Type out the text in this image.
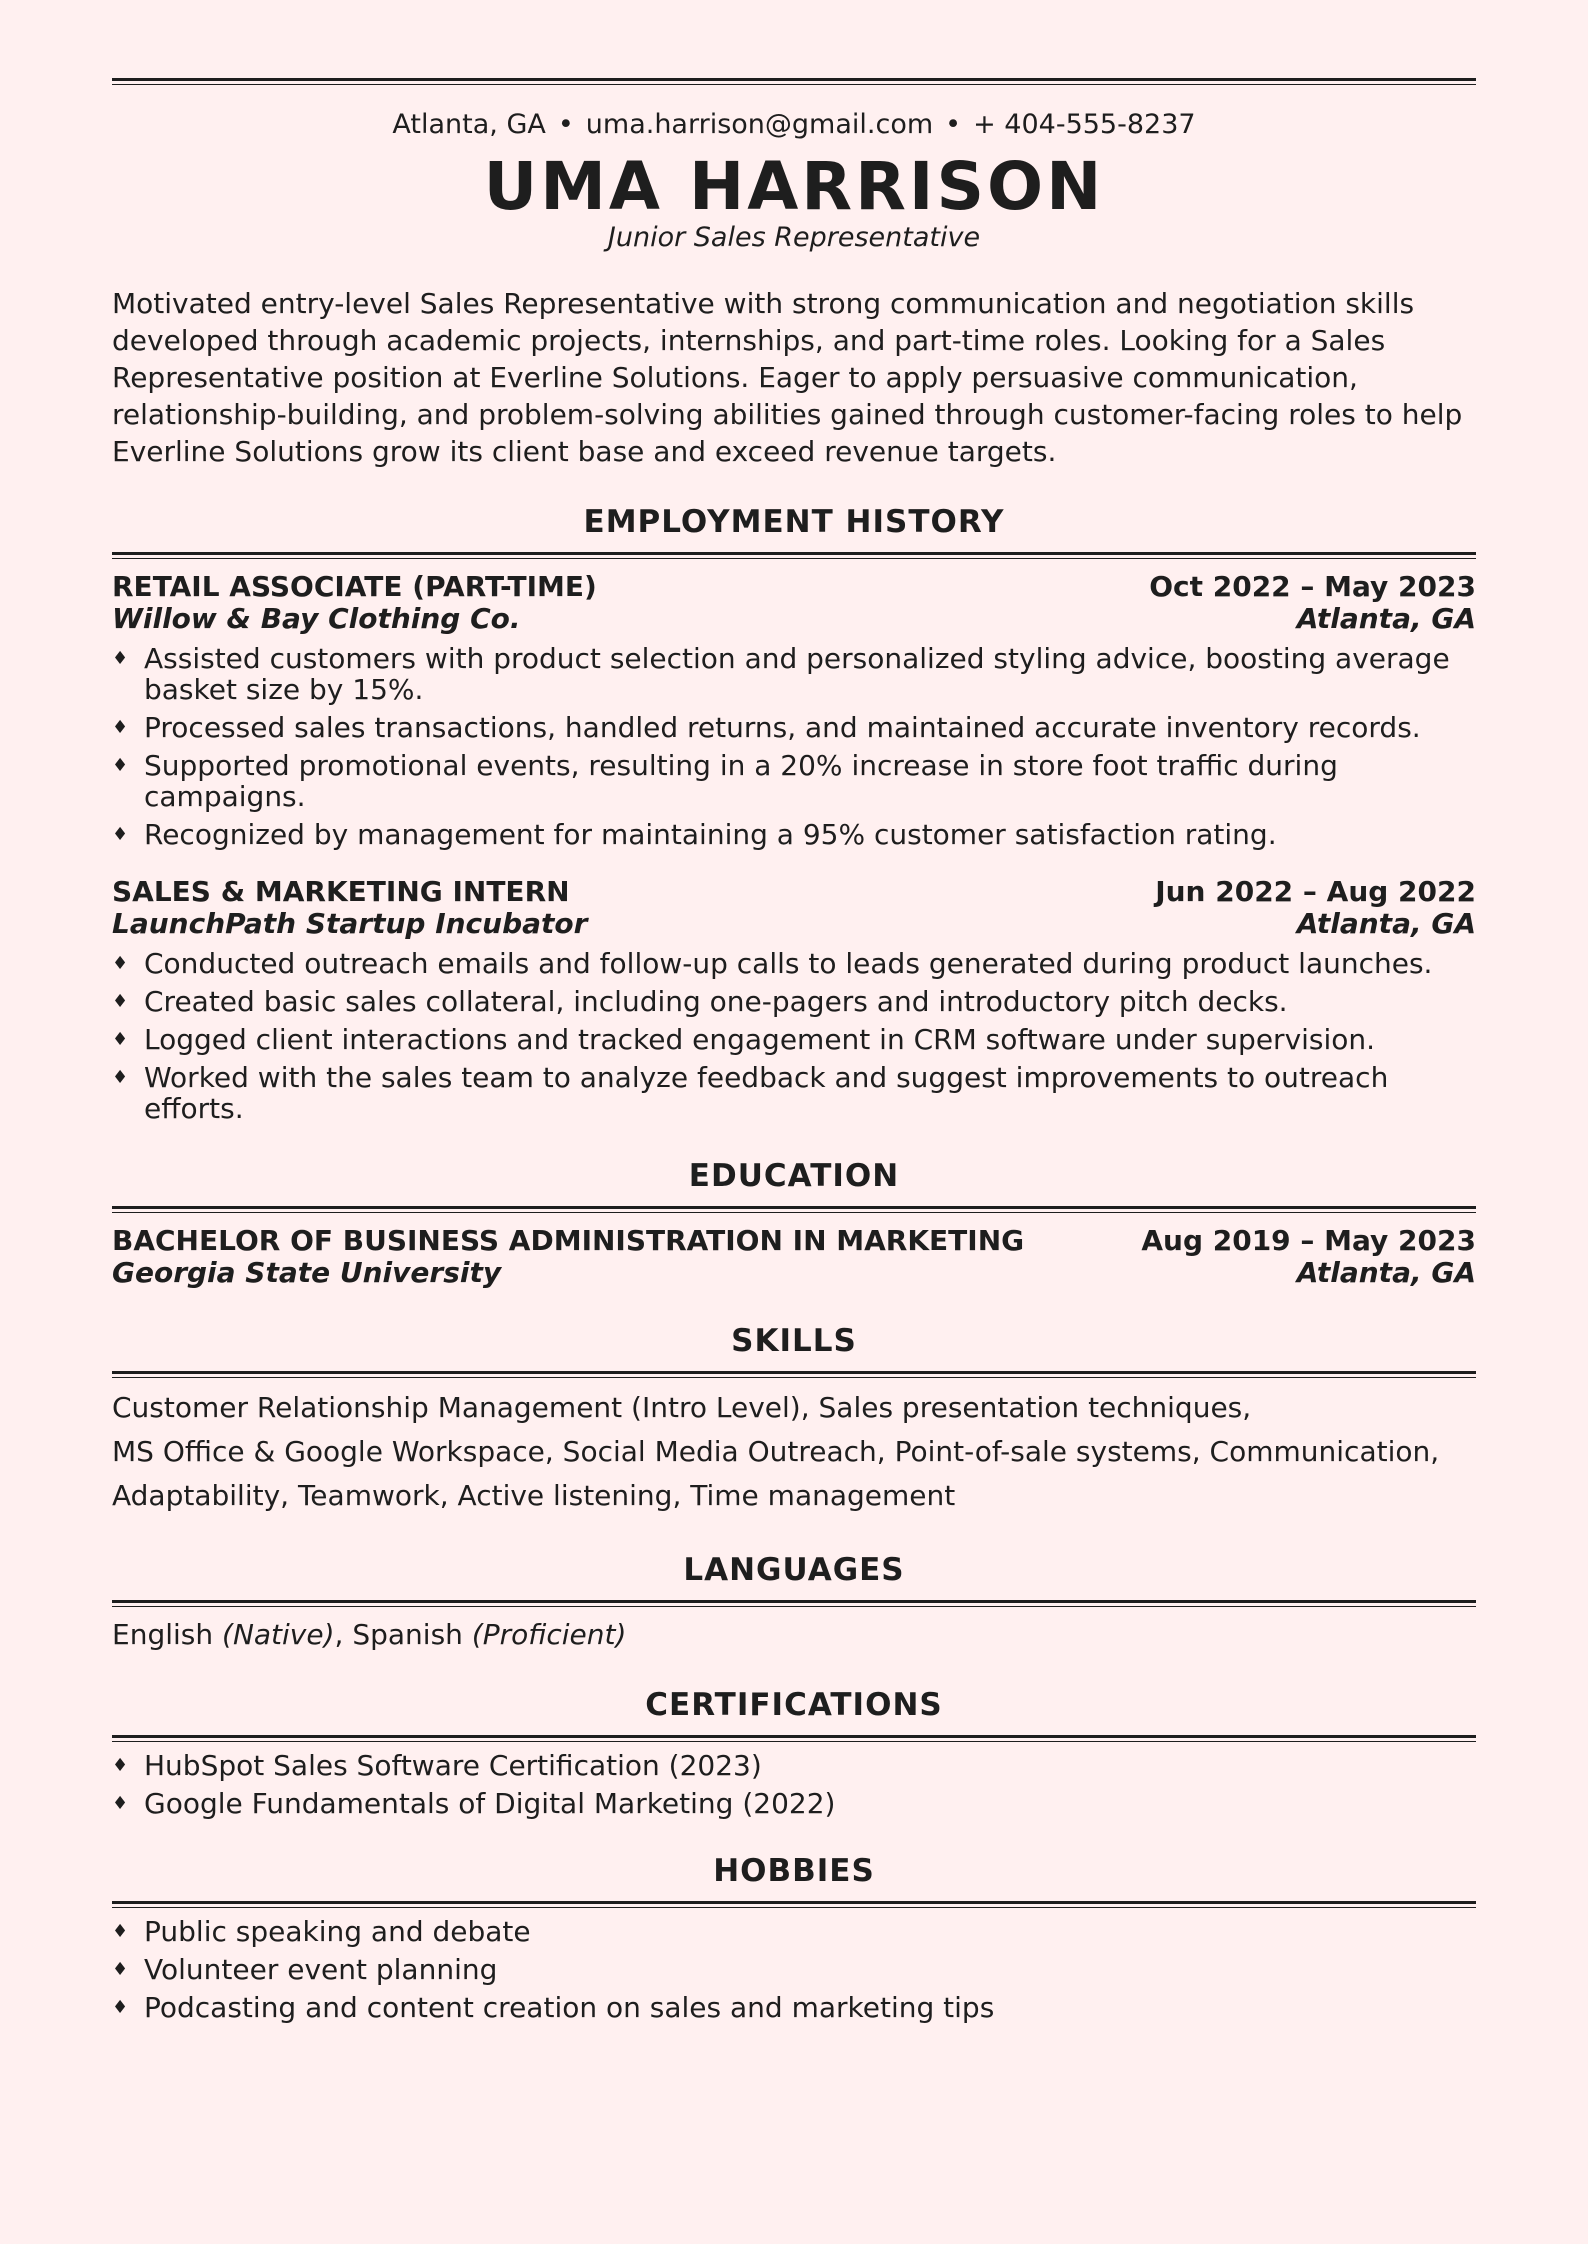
Atlanta, GA • uma.harrison@gmail.com • + 404-555-8237
UMA HARRISON
Junior Sales Representative
Motivated entry-level Sales Representative with strong communication and negotiation skills developed through academic projects, internships, and part-time roles. Looking for a Sales Representative position at Everline Solutions. Eager to apply persuasive communication, relationship-building, and problem-solving abilities gained through customer-facing roles to help Everline Solutions grow its client base and exceed revenue targets.
EMPLOYMENT HISTORY
RETAIL ASSOCIATE (PART-TIME)	Oct 2022 – May 2023
Willow & Bay Clothing Co.	Atlanta, GA
♦ Assisted customers with product selection and personalized styling advice, boosting average basket size by 15%.
♦ Processed sales transactions, handled returns, and maintained accurate inventory records.
♦ Supported promotional events, resulting in a 20% increase in store foot traffic during campaigns.
♦ Recognized by management for maintaining a 95% customer satisfaction rating.
SALES & MARKETING INTERN	Jun 2022 – Aug 2022
LaunchPath Startup Incubator	Atlanta, GA
♦ Conducted outreach emails and follow-up calls to leads generated during product launches.
♦ Created basic sales collateral, including one-pagers and introductory pitch decks.
♦ Logged client interactions and tracked engagement in CRM software under supervision.
♦ Worked with the sales team to analyze feedback and suggest improvements to outreach efforts.
EDUCATION
BACHELOR OF BUSINESS ADMINISTRATION IN MARKETING	Aug 2019 – May 2023
Georgia State University	Atlanta, GA
SKILLS
Customer Relationship Management (Intro Level), Sales presentation techniques,
MS Office & Google Workspace, Social Media Outreach, Point-of-sale systems, Communication,
Adaptability, Teamwork, Active listening, Time management
LANGUAGES
English (Native), Spanish (Proficient)
CERTIFICATIONS
♦ HubSpot Sales Software Certification (2023)
♦ Google Fundamentals of Digital Marketing (2022)
HOBBIES
♦ Public speaking and debate
♦ Volunteer event planning
♦ Podcasting and content creation on sales and marketing tips
